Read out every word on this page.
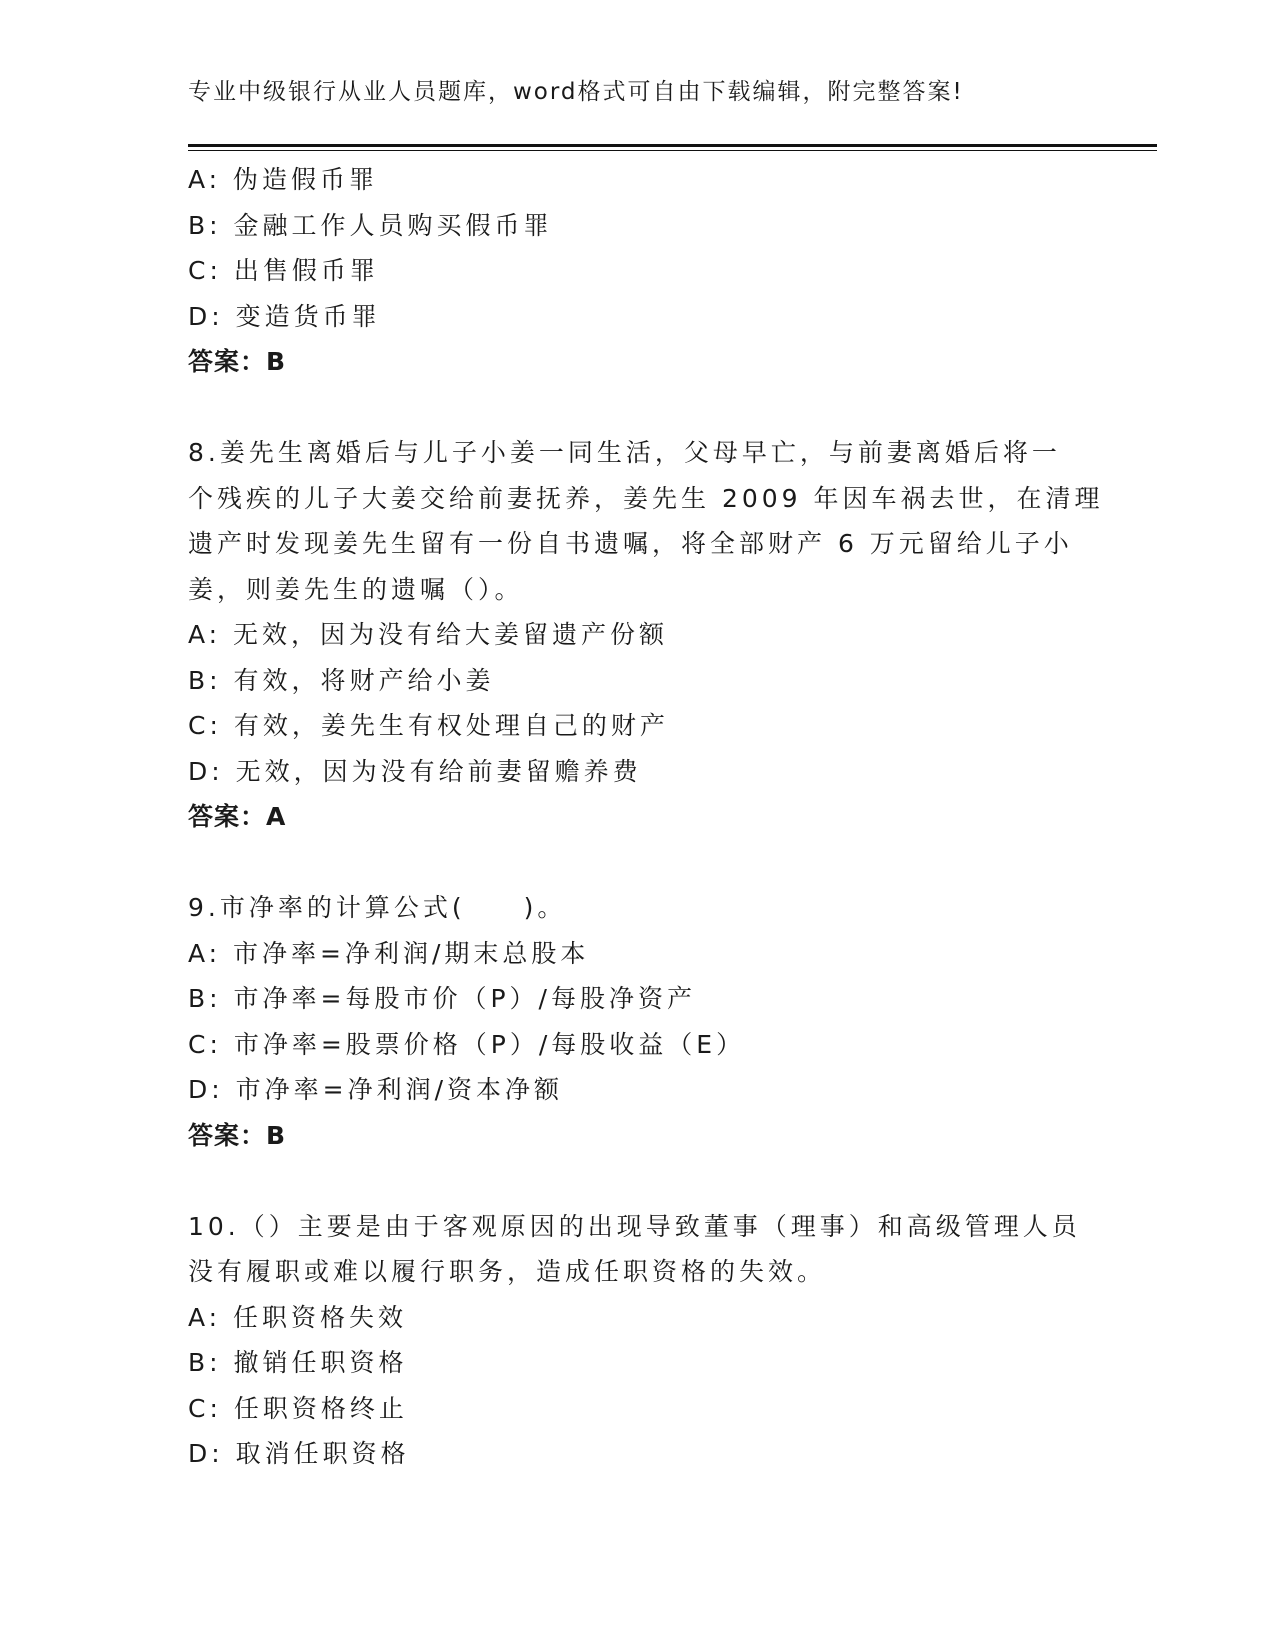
专业中级银行从业人员题库，word格式可自由下载编辑，附完整答案!
A: 伪造假币罪
B: 金融工作人员购买假币罪
C: 出售假币罪
D: 变造货币罪
答案：B
8.姜先生离婚后与儿子小姜一同生活，父母早亡，与前妻离婚后将一
个残疾的儿子大姜交给前妻抚养，姜先生 2009 年因车祸去世，在清理
遗产时发现姜先生留有一份自书遗嘱，将全部财产 6 万元留给儿子小
姜，则姜先生的遗嘱（）。
A: 无效，因为没有给大姜留遗产份额
B: 有效，将财产给小姜
C: 有效，姜先生有权处理自己的财产
D: 无效，因为没有给前妻留赡养费
答案：A
9.市净率的计算公式(　　)。
A: 市净率=净利润/期末总股本
B: 市净率=每股市价（P）/每股净资产
C: 市净率=股票价格（P）/每股收益（E）
D: 市净率=净利润/资本净额
答案：B
10.（）主要是由于客观原因的出现导致董事（理事）和高级管理人员
没有履职或难以履行职务，造成任职资格的失效。
A: 任职资格失效
B: 撤销任职资格
C: 任职资格终止
D: 取消任职资格
